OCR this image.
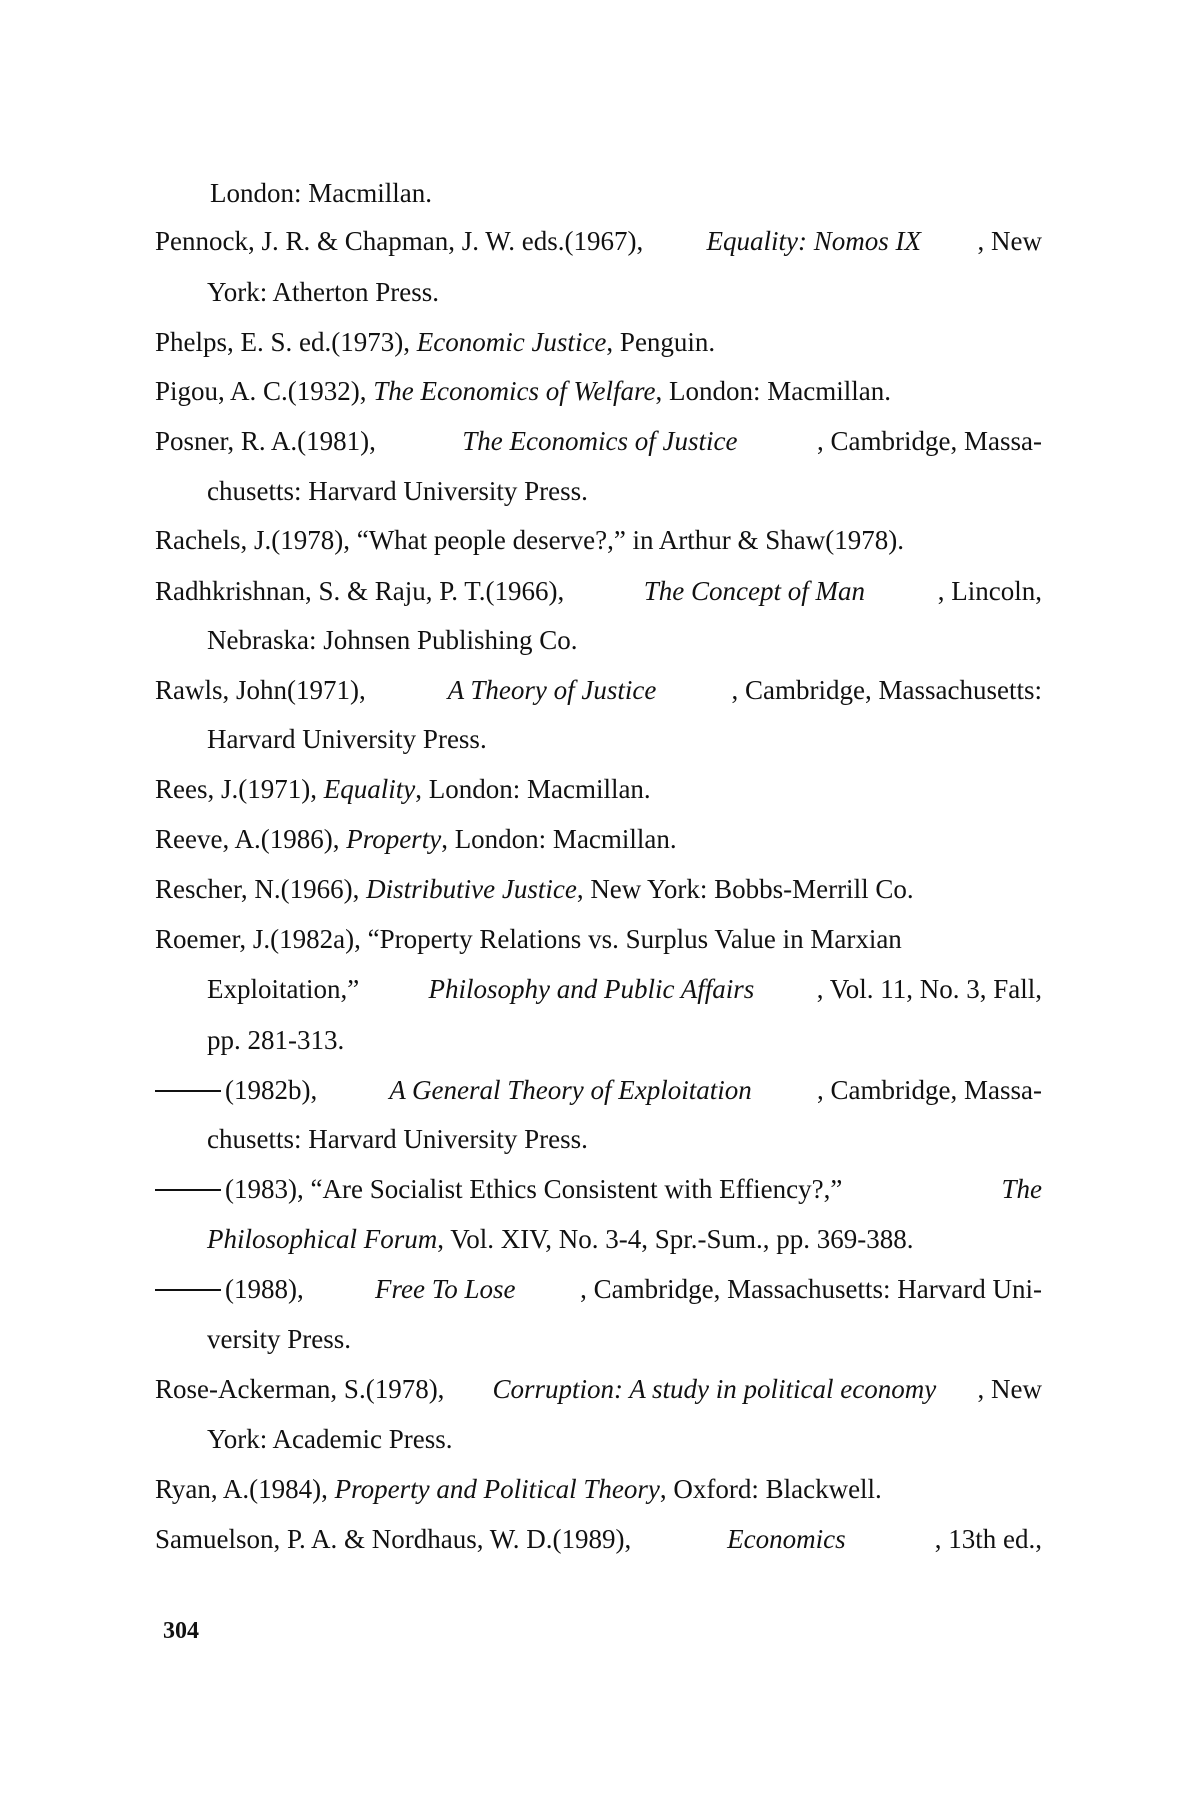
London: Macmillan.
Pennock, J. R. & Chapman, J. W. eds.(1967), Equality: Nomos IX , New
York: Atherton Press.
Phelps, E. S. ed.(1973), Economic Justice, Penguin.
Pigou, A. C.(1932), The Economics of Welfare, London: Macmillan.
Posner, R. A.(1981),	The Economics of Justice	, Cambridge, Massa-
chusetts: Harvard University Press.
Rachels, J.(1978), “What people deserve?,” in Arthur & Shaw(1978).
Radhkrishnan, S. & Raju, P. T.(1966),	The Concept of Man	, Lincoln,
Nebraska: Johnsen Publishing Co.
Rawls, John(1971),	A Theory of Justice	, Cambridge, Massachusetts:
Harvard University Press.
Rees, J.(1971), Equality, London: Macmillan.
Reeve, A.(1986), Property, London: Macmillan.
Rescher, N.(1966), Distributive Justice, New York: Bobbs-Merrill Co.
Roemer, J.(1982a), “Property Relations vs. Surplus Value in Marxian
Exploitation,” Philosophy and Public Affairs , Vol. 11, No. 3, Fall,
pp. 281-313.
(1982b), A General Theory of Exploitation , Cambridge, Massa-
chusetts: Harvard University Press.
(1983), “Are Socialist Ethics Consistent with Effiency?,”	The
Philosophical Forum, Vol. XIV, No. 3-4, Spr.-Sum., pp. 369-388.
(1988), Free To Lose , Cambridge, Massachusetts: Harvard Uni-
versity Press.
Rose-Ackerman, S.(1978), Corruption: A study in political economy , New
York: Academic Press.
Ryan, A.(1984), Property and Political Theory, Oxford: Blackwell.
Samuelson, P. A. & Nordhaus, W. D.(1989),	Economics	, 13th ed.,
304
